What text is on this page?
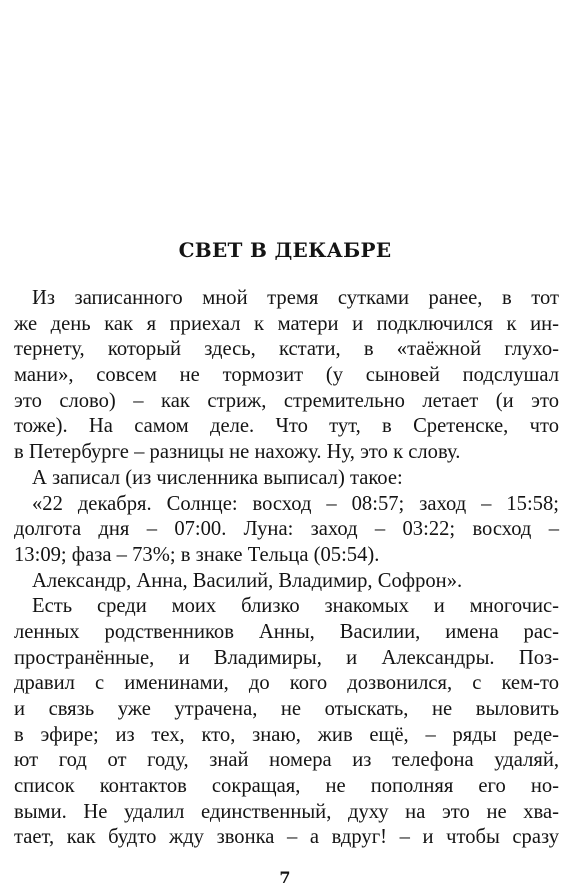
СВЕТ В ДЕКАБРЕ
Из записанного мной тремя сутками ранее, в тот
же день как я приехал к матери и подключился к ин-
тернету, который здесь, кстати, в «таёжной глухо-
мани», совсем не тормозит (у сыновей подслушал
это слово) – как стриж, стремительно летает (и это
тоже). На самом деле. Что тут, в Сретенске, что
в Петербурге – разницы не нахожу. Ну, это к слову.
А записал (из численника выписал) такое:
«22 декабря. Солнце: восход – 08:57; заход – 15:58;
долгота дня – 07:00. Луна: заход – 03:22; восход –
13:09; фаза – 73%; в знаке Тельца (05:54).
Александр, Анна, Василий, Владимир, Софрон».
Есть среди моих близко знакомых и многочис-
ленных родственников Анны, Василии, имена рас-
пространённые, и Владимиры, и Александры. Поз-
дравил с именинами, до кого дозвонился, с кем-то
и связь уже утрачена, не отыскать, не выловить
в эфире; из тех, кто, знаю, жив ещё, – ряды реде-
ют год от году, знай номера из телефона удаляй,
список контактов сокращая, не пополняя его но-
выми. Не удалил единственный, духу на это не хва-
тает, как будто жду звонка – а вдруг! – и чтобы сразу
7
